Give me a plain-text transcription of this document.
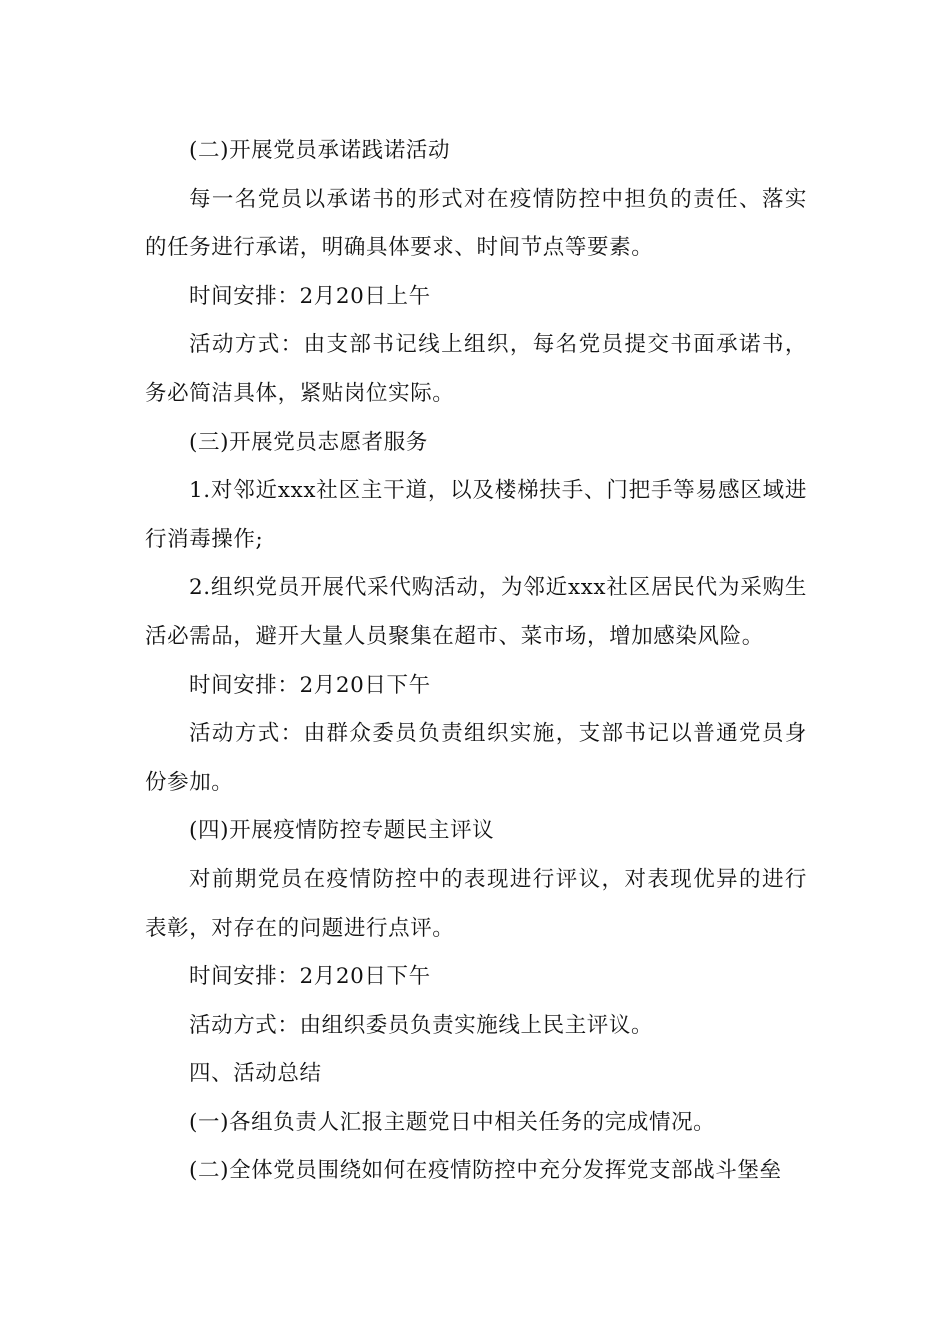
(二)开展党员承诺践诺活动

每一名党员以承诺书的形式对在疫情防控中担负的责任、落实的任务进行承诺，明确具体要求、时间节点等要素。

时间安排：2月20日上午

活动方式：由支部书记线上组织，每名党员提交书面承诺书，务必简洁具体，紧贴岗位实际。

(三)开展党员志愿者服务

1.对邻近xxx社区主干道，以及楼梯扶手、门把手等易感区域进行消毒操作;

2.组织党员开展代采代购活动，为邻近xxx社区居民代为采购生活必需品，避开大量人员聚集在超市、菜市场，增加感染风险。

时间安排：2月20日下午

活动方式：由群众委员负责组织实施，支部书记以普通党员身份参加。

(四)开展疫情防控专题民主评议

对前期党员在疫情防控中的表现进行评议，对表现优异的进行表彰，对存在的问题进行点评。

时间安排：2月20日下午

活动方式：由组织委员负责实施线上民主评议。

四、活动总结

(一)各组负责人汇报主题党日中相关任务的完成情况。

(二)全体党员围绕如何在疫情防控中充分发挥党支部战斗堡垒
